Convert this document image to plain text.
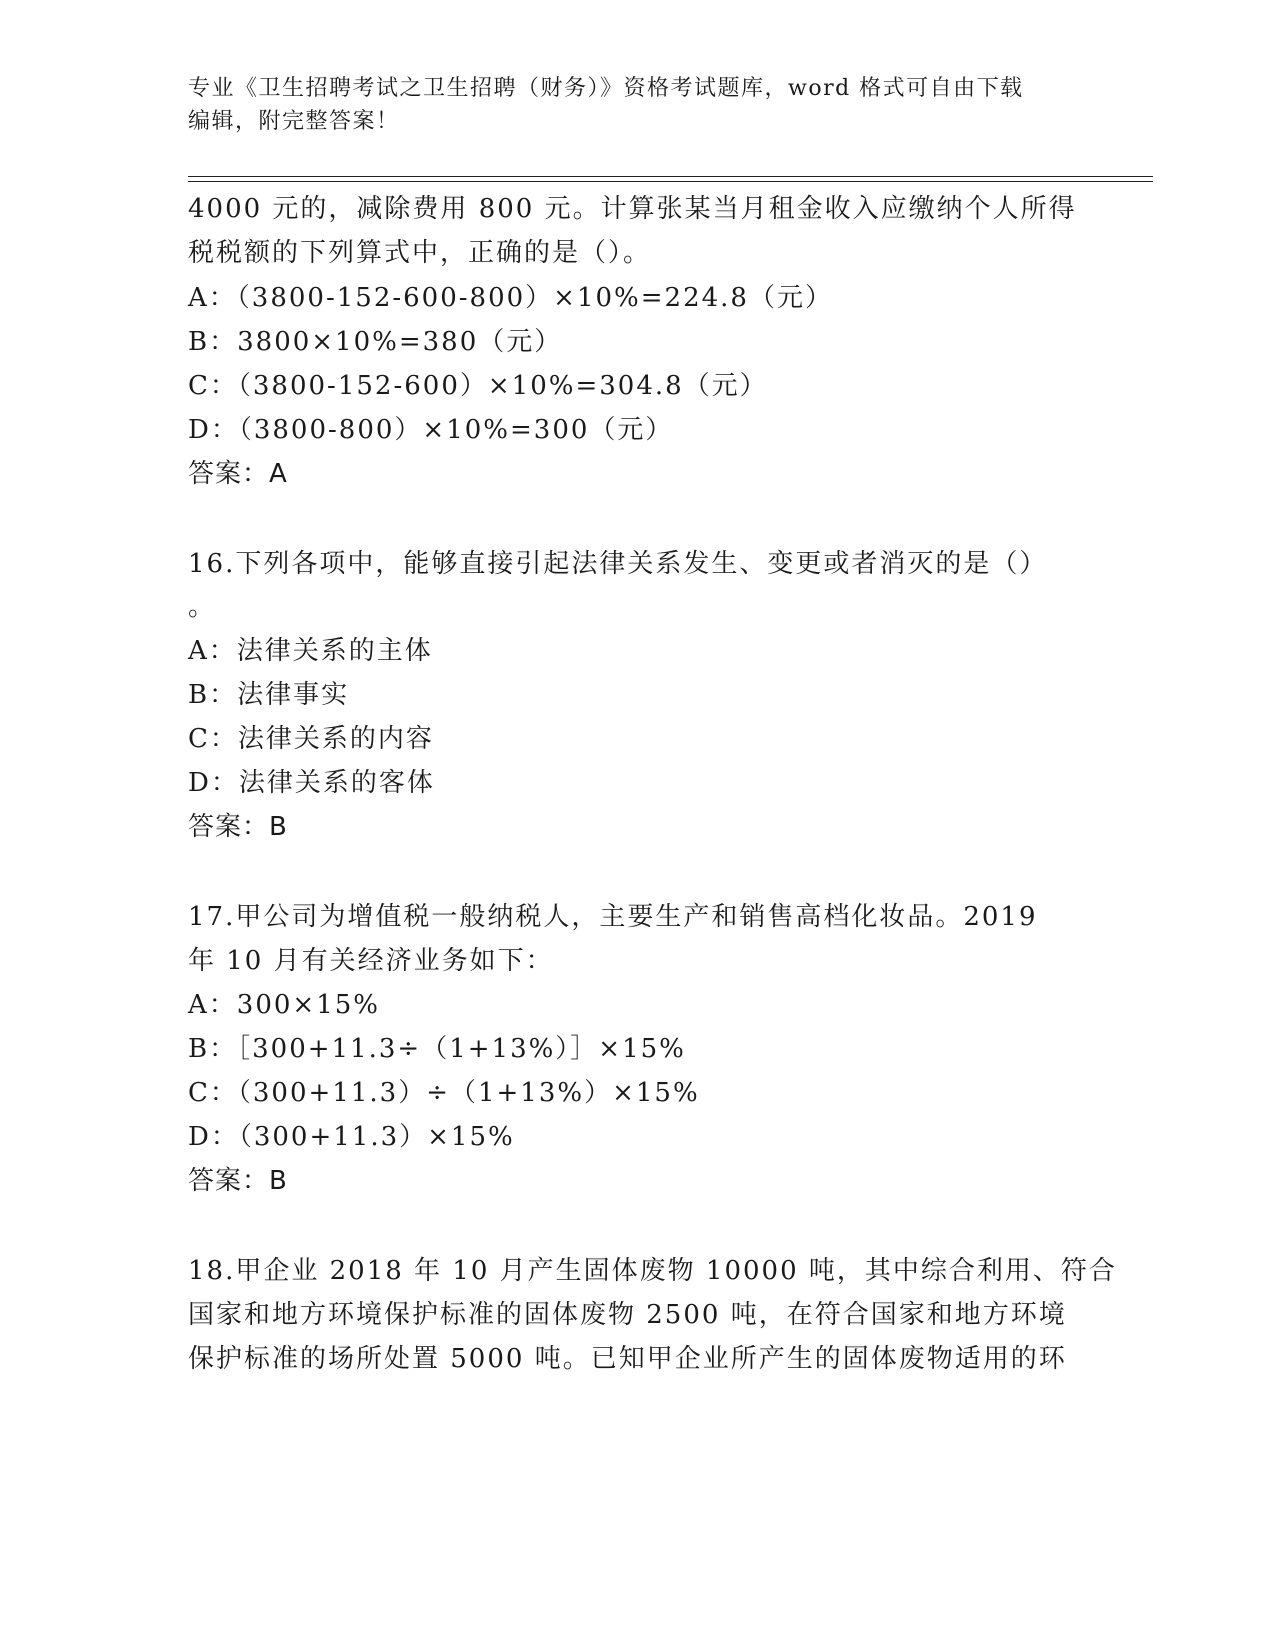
专业《卫生招聘考试之卫生招聘（财务）》资格考试题库，word 格式可自由下载
编辑，附完整答案！
4000 元的，减除费用 800 元。计算张某当月租金收入应缴纳个人所得
税税额的下列算式中，正确的是（）。
A：（3800-152-600-800）×10%=224.8（元）
B：3800×10%=380（元）
C：（3800-152-600）×10%=304.8（元）
D：（3800-800）×10%=300（元）
答案：A
16.下列各项中，能够直接引起法律关系发生、变更或者消灭的是（）
。
A：法律关系的主体
B：法律事实
C：法律关系的内容
D：法律关系的客体
答案：B
17.甲公司为增值税一般纳税人，主要生产和销售高档化妆品。2019
年 10 月有关经济业务如下：
A：300×15%
B：［300+11.3÷（1+13%）］×15%
C：（300+11.3）÷（1+13%）×15%
D：（300+11.3）×15%
答案：B
18.甲企业 2018 年 10 月产生固体废物 10000 吨，其中综合利用、符合
国家和地方环境保护标准的固体废物 2500 吨，在符合国家和地方环境
保护标准的场所处置 5000 吨。已知甲企业所产生的固体废物适用的环
